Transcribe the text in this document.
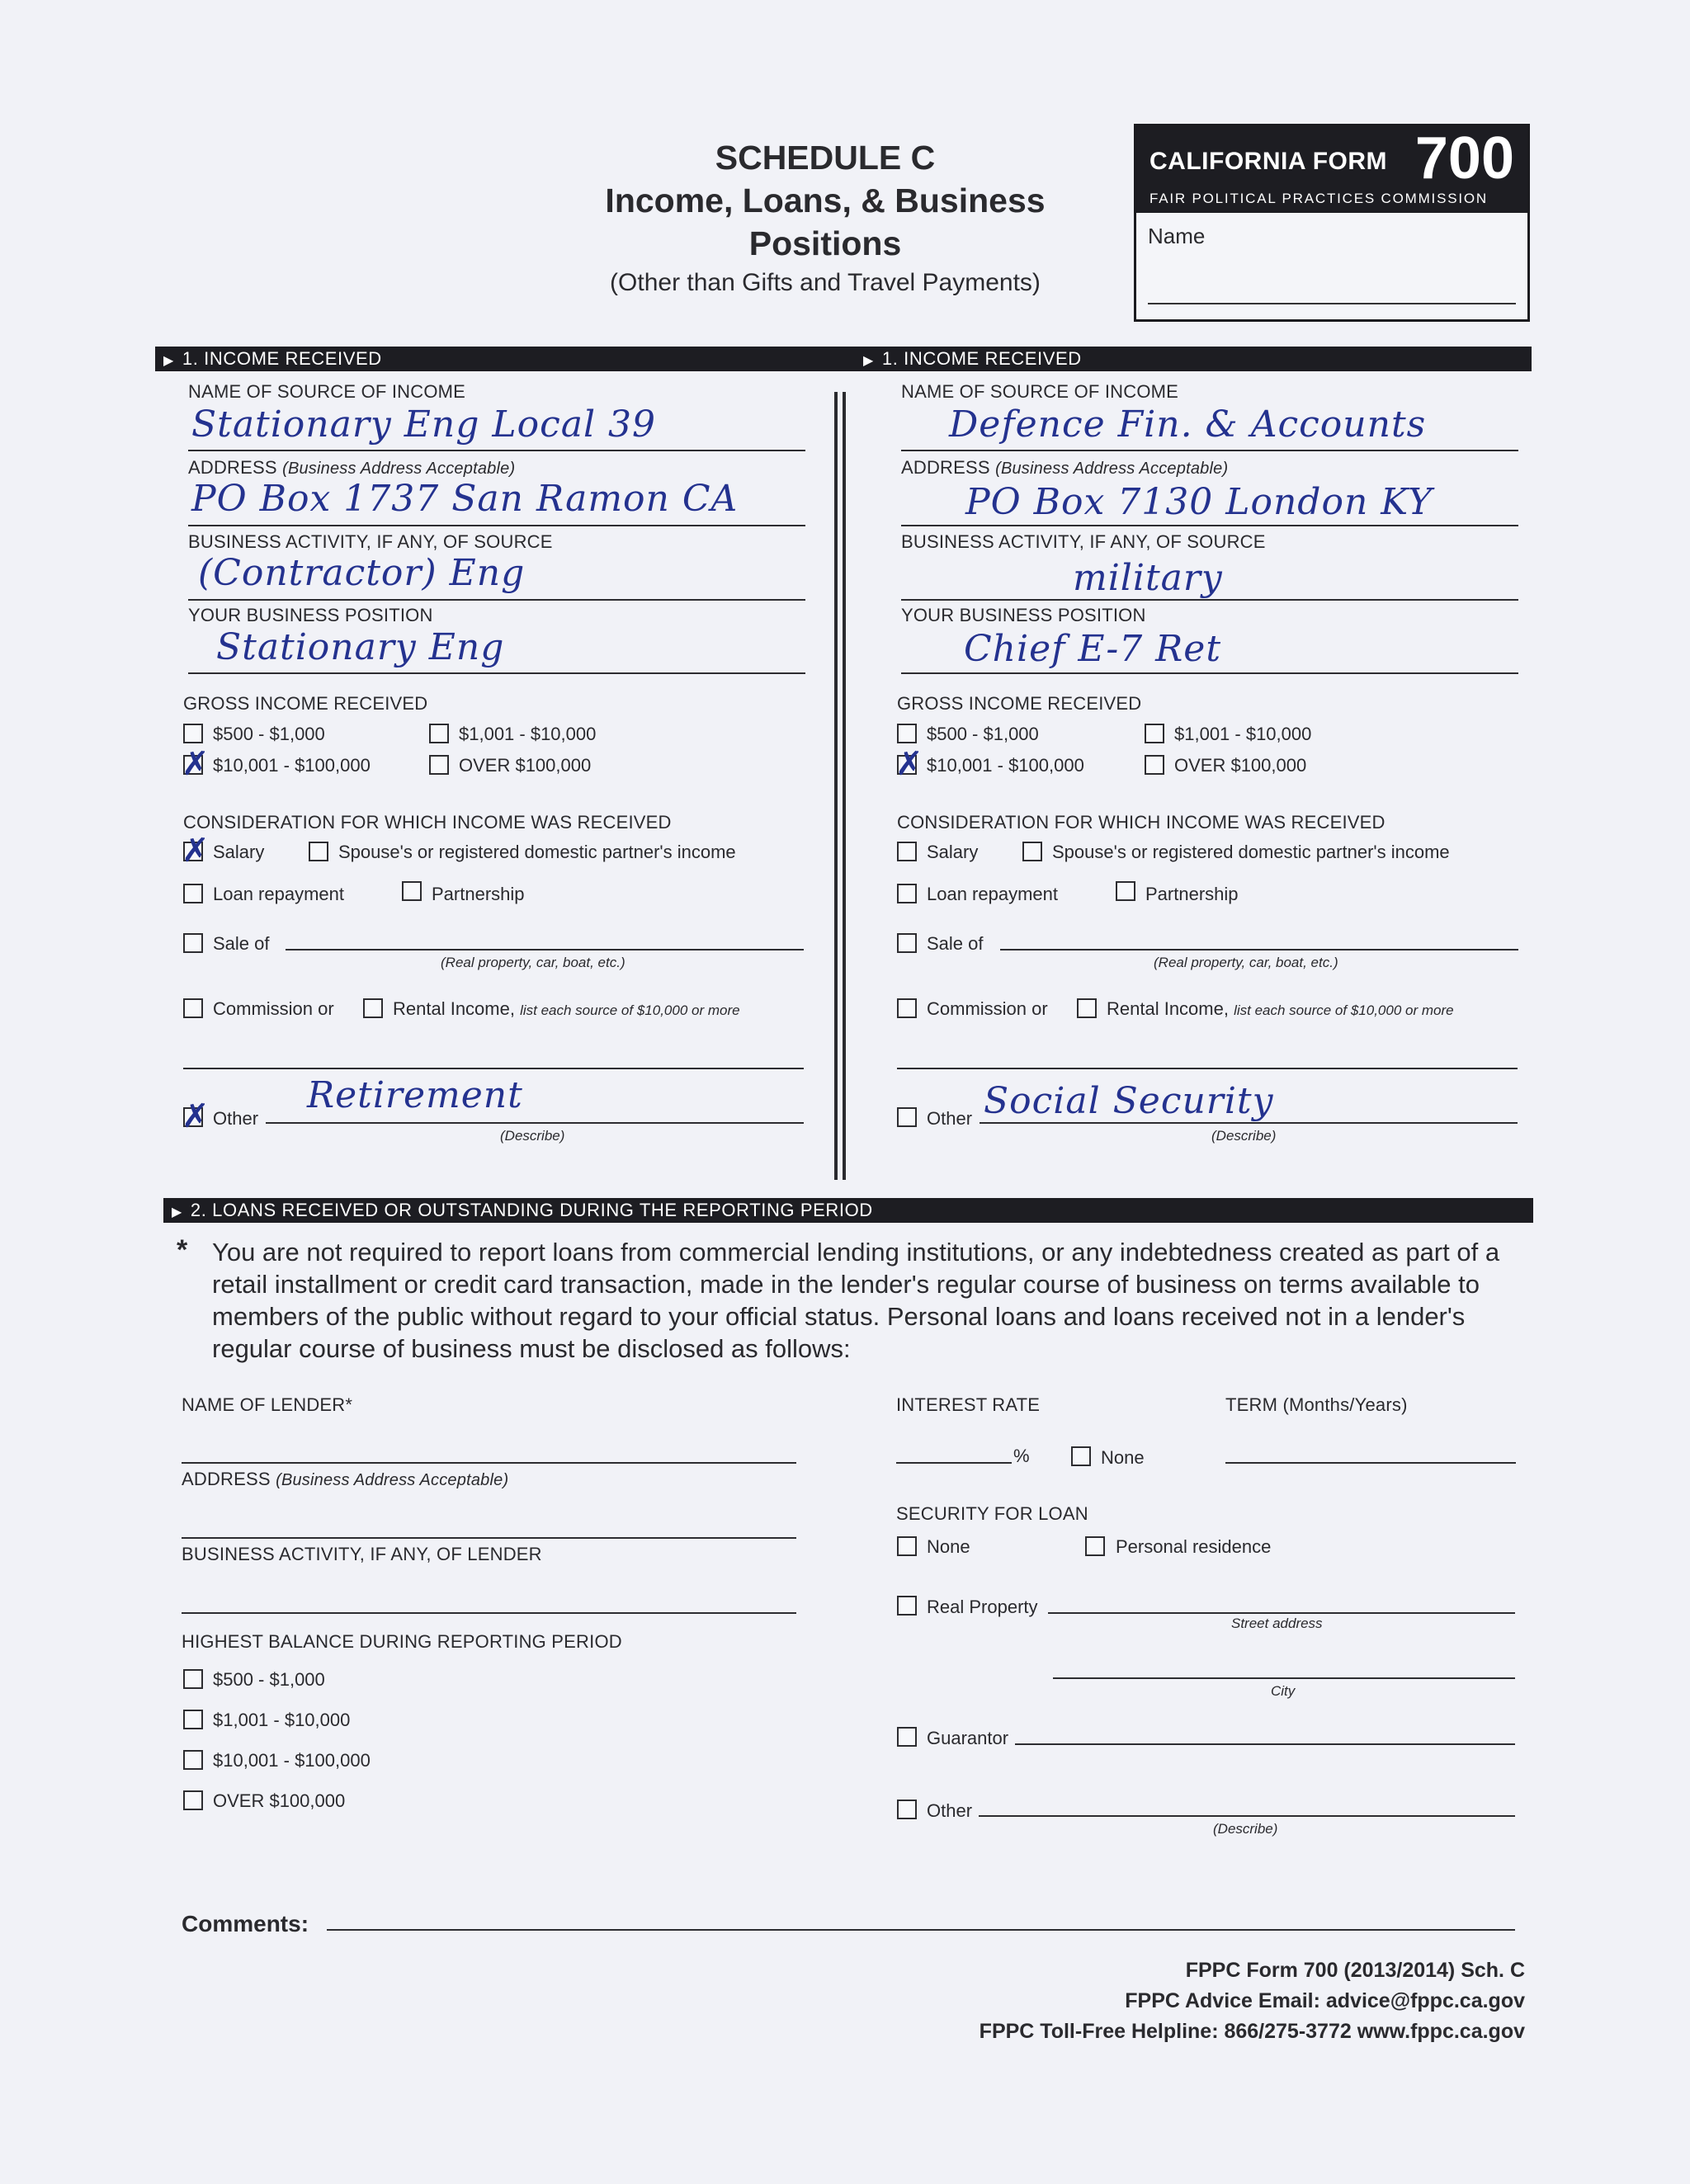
SCHEDULE C
Income, Loans, & Business
Positions
(Other than Gifts and Travel Payments)
CALIFORNIA FORM 700
FAIR POLITICAL PRACTICES COMMISSION
Name
▶ 1. INCOME RECEIVED	▶ 1. INCOME RECEIVED
NAME OF SOURCE OF INCOME
Stationary Eng Local 39
ADDRESS (Business Address Acceptable)
PO Box 1737 San Ramon CA
BUSINESS ACTIVITY, IF ANY, OF SOURCE
(Contractor) Eng
YOUR BUSINESS POSITION
Stationary Eng
GROSS INCOME RECEIVED
$500 - $1,000	$1,001 - $10,000
✗
$10,001 - $100,000	OVER $100,000
CONSIDERATION FOR WHICH INCOME WAS RECEIVED
✗
Salary	Spouse's or registered domestic partner's income
Loan repayment	Partnership
Sale of
(Real property, car, boat, etc.)
Commission or	Rental Income, list each source of $10,000 or more
✗
Other
Retirement
(Describe)
NAME OF SOURCE OF INCOME
Defence Fin. & Accounts
ADDRESS (Business Address Acceptable)
PO Box 7130 London KY
BUSINESS ACTIVITY, IF ANY, OF SOURCE
military
YOUR BUSINESS POSITION
Chief E-7 Ret
GROSS INCOME RECEIVED
$500 - $1,000	$1,001 - $10,000
✗
$10,001 - $100,000	OVER $100,000
CONSIDERATION FOR WHICH INCOME WAS RECEIVED
Salary	Spouse's or registered domestic partner's income
Loan repayment	Partnership
Sale of
(Real property, car, boat, etc.)
Commission or	Rental Income, list each source of $10,000 or more
Other Social Security
(Describe)
▶ 2. LOANS RECEIVED OR OUTSTANDING DURING THE REPORTING PERIOD
* You are not required to report loans from commercial lending institutions, or any indebtedness created as part of a retail installment or credit card transaction, made in the lender's regular course of business on terms available to members of the public without regard to your official status. Personal loans and loans received not in a lender's regular course of business must be disclosed as follows:
NAME OF LENDER*
ADDRESS (Business Address Acceptable)
BUSINESS ACTIVITY, IF ANY, OF LENDER
HIGHEST BALANCE DURING REPORTING PERIOD
$500 - $1,000
$1,001 - $10,000
$10,001 - $100,000
OVER $100,000
INTEREST RATE	TERM (Months/Years)
%	None
SECURITY FOR LOAN
None	Personal residence
Real Property
Street address
City
Guarantor
Other
(Describe)
Comments:
FPPC Form 700 (2013/2014) Sch. C
FPPC Advice Email: advice@fppc.ca.gov
FPPC Toll-Free Helpline: 866/275-3772 www.fppc.ca.gov
